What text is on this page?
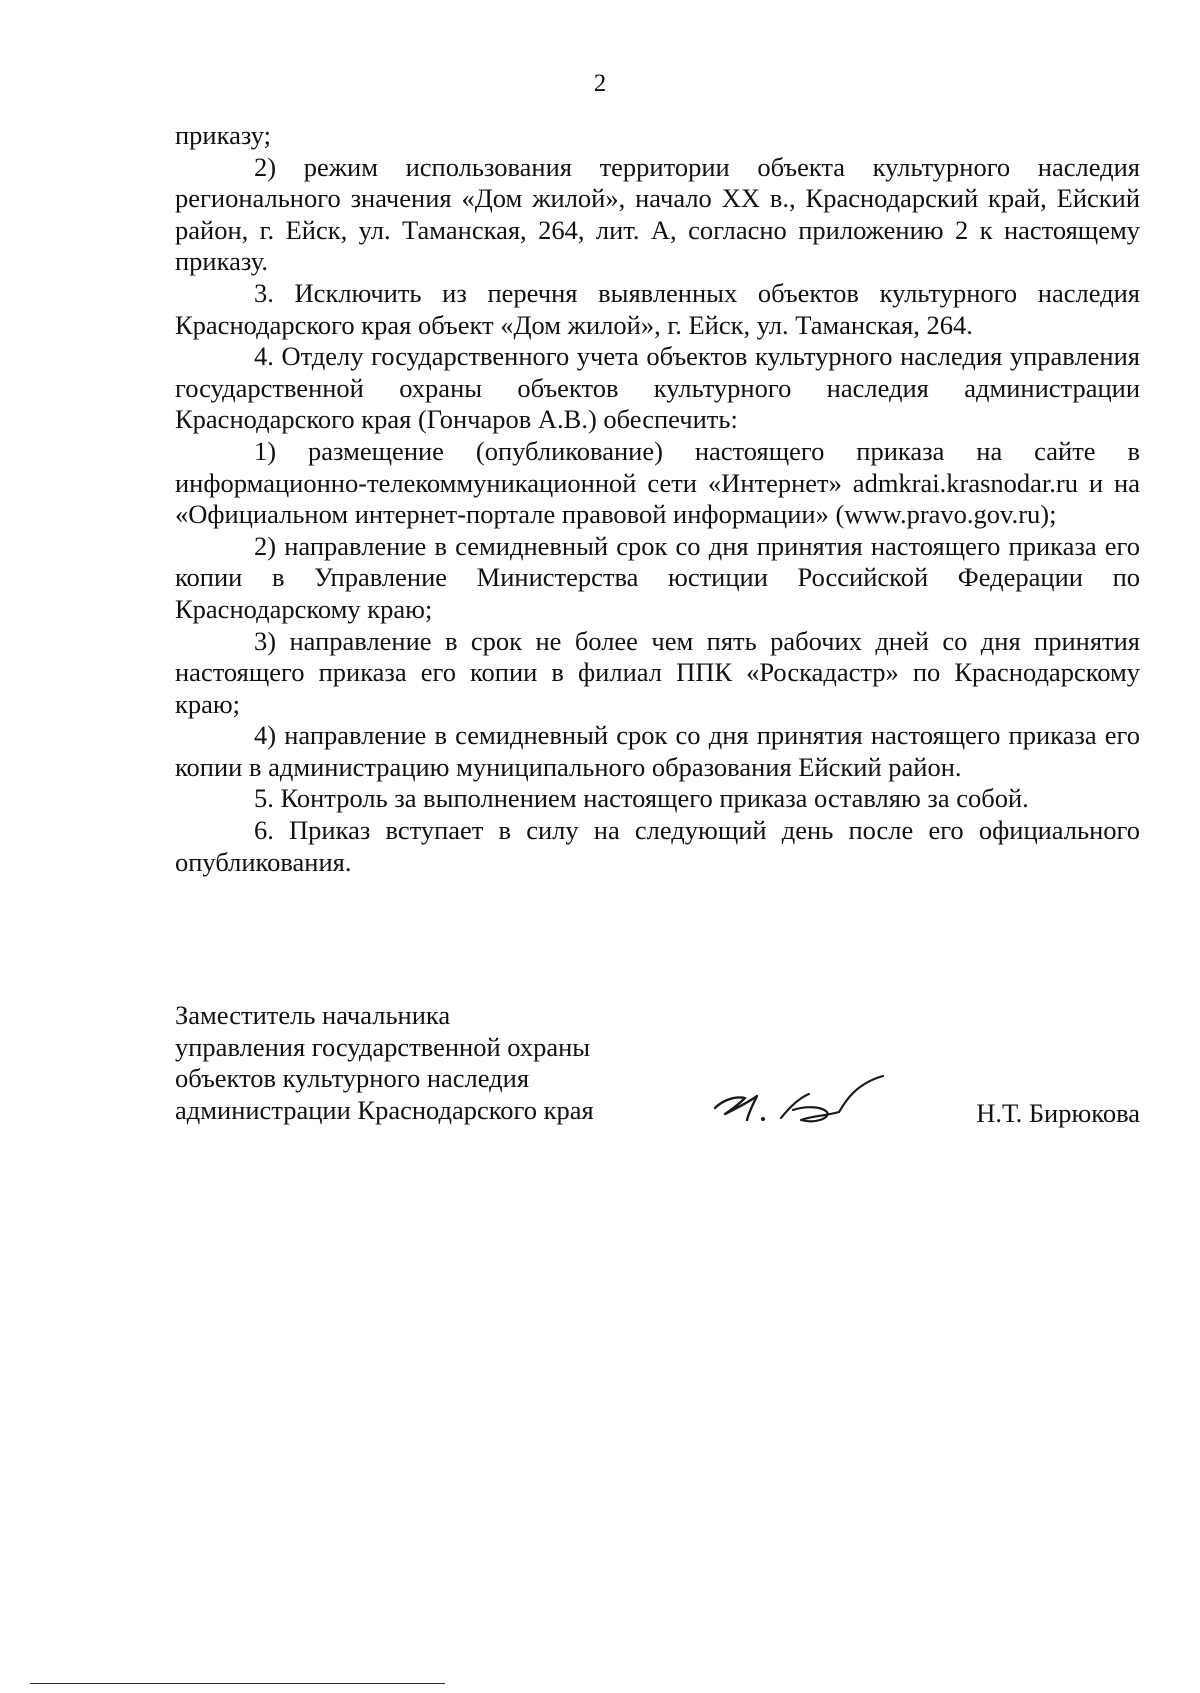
2

приказу;

2) режим использования территории объекта культурного наследия регионального значения «Дом жилой», начало XX в., Краснодарский край, Ейский район, г. Ейск, ул. Таманская, 264, лит. А, согласно приложению 2 к настоящему приказу.

3. Исключить из перечня выявленных объектов культурного наследия Краснодарского края объект «Дом жилой», г. Ейск, ул. Таманская, 264.

4. Отделу государственного учета объектов культурного наследия управления государственной охраны объектов культурного наследия администрации Краснодарского края (Гончаров А.В.) обеспечить:

1) размещение (опубликование) настоящего приказа на сайте в информационно-телекоммуникационной сети «Интернет» admkrai.krasnodar.ru и на «Официальном интернет-портале правовой информации» (www.pravo.gov.ru);

2) направление в семидневный срок со дня принятия настоящего приказа его копии в Управление Министерства юстиции Российской Федерации по Краснодарскому краю;

3) направление в срок не более чем пять рабочих дней со дня принятия настоящего приказа его копии в филиал ППК «Роскадастр» по Краснодарскому краю;

4) направление в семидневный срок со дня принятия настоящего приказа его копии в администрацию муниципального образования Ейский район.

5. Контроль за выполнением настоящего приказа оставляю за собой.

6. Приказ вступает в силу на следующий день после его официального опубликования.

Заместитель начальника
управления государственной охраны
объектов культурного наследия
администрации Краснодарского края	Н.Т. Бирюкова
